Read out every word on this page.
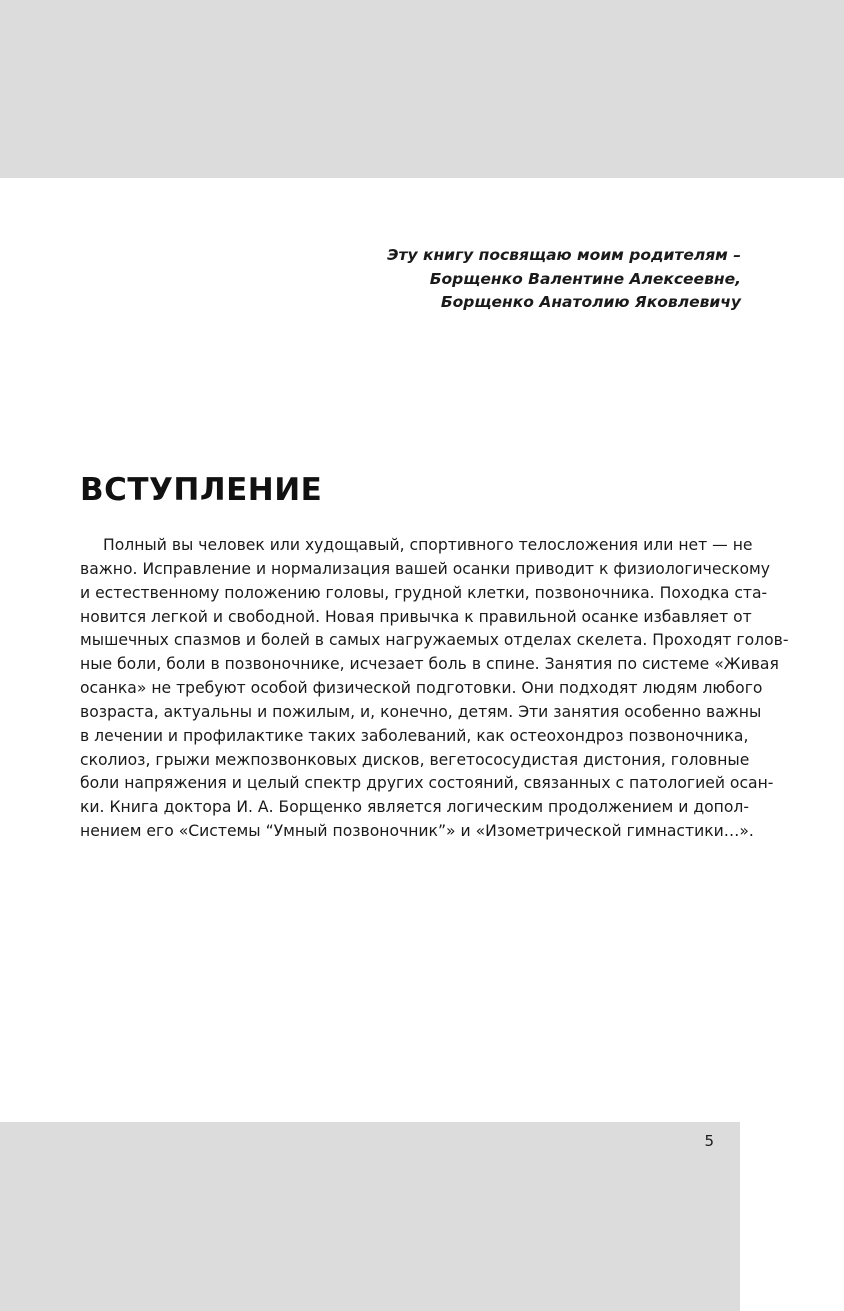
Эту книгу посвящаю моим родителям –
Борщенко Валентине Алексеевне,
Борщенко Анатолию Яковлевичу
ВСТУПЛЕНИЕ
Полный вы человек или худощавый, спортивного телосложения или нет — не
важно. Исправление и нормализация вашей осанки приводит к физиологическому
и естественному положению головы, грудной клетки, позвоночника. Походка ста-
новится легкой и свободной. Новая привычка к правильной осанке избавляет от
мышечных спазмов и болей в самых нагружаемых отделах скелета. Проходят голов-
ные боли, боли в позвоночнике, исчезает боль в спине. Занятия по системе «Живая
осанка» не требуют особой физической подготовки. Они подходят людям любого
возраста, актуальны и пожилым, и, конечно, детям. Эти занятия особенно важны
в лечении и профилактике таких заболеваний, как остеохондроз позвоночника,
сколиоз, грыжи межпозвонковых дисков, вегетососудистая дистония, головные
боли напряжения и целый спектр других состояний, связанных с патологией осан-
ки. Книга доктора И. А. Борщенко является логическим продолжением и допол-
нением его «Системы “Умный позвоночник”» и «Изометрической гимнастики…».
5
